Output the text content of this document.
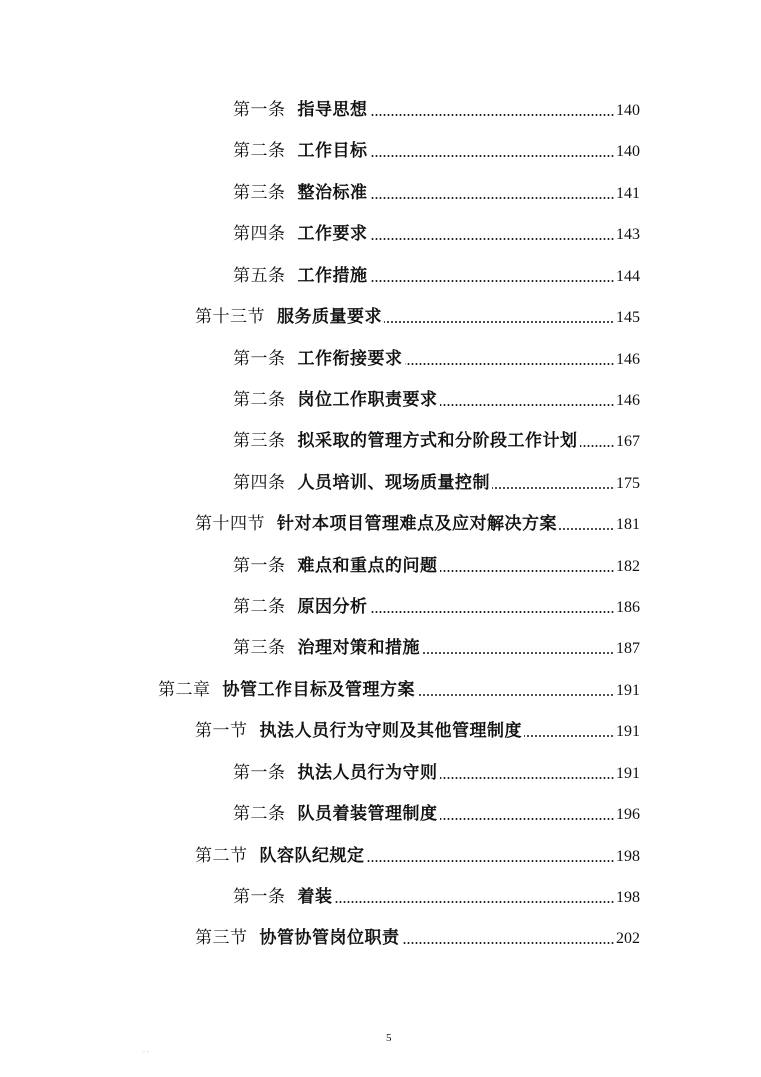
第一条 指导思想	140
第二条 工作目标	140
第三条 整治标准	141
第四条 工作要求	143
第五条 工作措施	144
第十三节 服务质量要求	145
第一条 工作衔接要求	146
第二条 岗位工作职责要求	146
第三条 拟采取的管理方式和分阶段工作计划 167
第四条 人员培训、现场质量控制	175
第十四节 针对本项目管理难点及应对解决方案	181
第一条 难点和重点的问题	182
第二条 原因分析	186
第三条 治理对策和措施	187
第二章 协管工作目标及管理方案	191
第一节 执法人员行为守则及其他管理制度	191
第一条 执法人员行为守则	191
第二条 队员着装管理制度	196
第二节 队容队纪规定	198
第一条 着装	198
第三节 协管协管岗位职责	202
5
. .
